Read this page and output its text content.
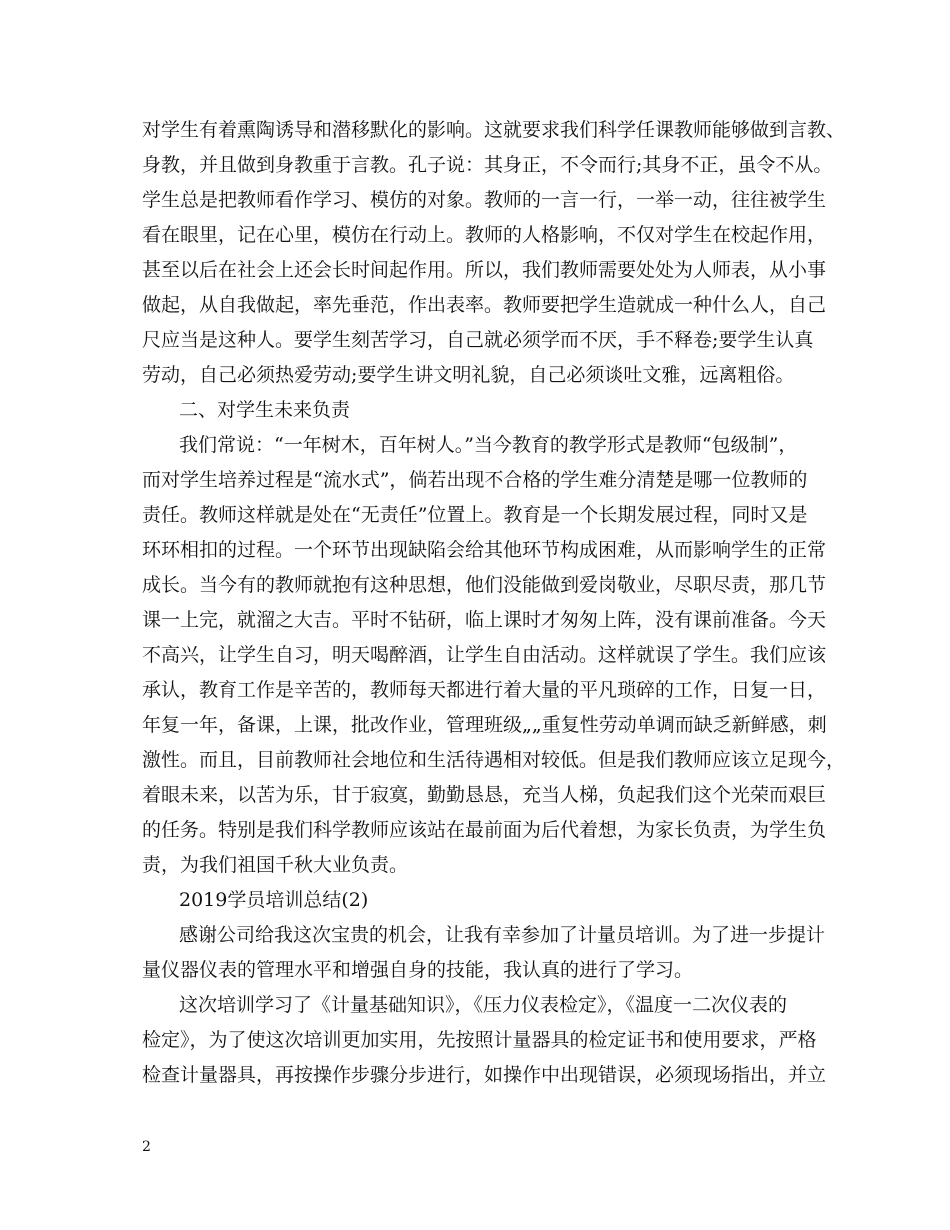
对学生有着熏陶诱导和潜移默化的影响。这就要求我们科学任课教师能够做到言教、
身教，并且做到身教重于言教。孔子说：其身正，不令而行;其身不正，虽令不从。
学生总是把教师看作学习、模仿的对象。教师的一言一行，一举一动，往往被学生
看在眼里，记在心里，模仿在行动上。教师的人格影响，不仅对学生在校起作用，
甚至以后在社会上还会长时间起作用。所以，我们教师需要处处为人师表，从小事
做起，从自我做起，率先垂范，作出表率。教师要把学生造就成一种什么人，自己
尺应当是这种人。要学生刻苦学习，自己就必须学而不厌，手不释卷;要学生认真
劳动，自己必须热爱劳动;要学生讲文明礼貌，自己必须谈吐文雅，远离粗俗。
二、对学生未来负责
我们常说：“一年树木，百年树人。”当今教育的教学形式是教师“包级制”，
而对学生培养过程是“流水式”，倘若出现不合格的学生难分清楚是哪一位教师的
责任。教师这样就是处在“无责任”位置上。教育是一个长期发展过程，同时又是
环环相扣的过程。一个环节出现缺陷会给其他环节构成困难，从而影响学生的正常
成长。当今有的教师就抱有这种思想，他们没能做到爱岗敬业，尽职尽责，那几节
课一上完，就溜之大吉。平时不钻研，临上课时才匆匆上阵，没有课前准备。今天
不高兴，让学生自习，明天喝醉酒，让学生自由活动。这样就误了学生。我们应该
承认，教育工作是辛苦的，教师每天都进行着大量的平凡琐碎的工作，日复一日，
年复一年，备课，上课，批改作业，管理班级„„重复性劳动单调而缺乏新鲜感，刺
激性。而且，目前教师社会地位和生活待遇相对较低。但是我们教师应该立足现今，
着眼未来，以苦为乐，甘于寂寞，勤勤恳恳，充当人梯，负起我们这个光荣而艰巨
的任务。特别是我们科学教师应该站在最前面为后代着想，为家长负责，为学生负
责，为我们祖国千秋大业负责。
2019学员培训总结(2)
感谢公司给我这次宝贵的机会，让我有幸参加了计量员培训。为了进一步提计
量仪器仪表的管理水平和增强自身的技能，我认真的进行了学习。
这次培训学习了《计量基础知识》，《压力仪表检定》，《温度一二次仪表的
检定》，为了使这次培训更加实用，先按照计量器具的检定证书和使用要求，严格
检查计量器具，再按操作步骤分步进行，如操作中出现错误，必须现场指出，并立
2
